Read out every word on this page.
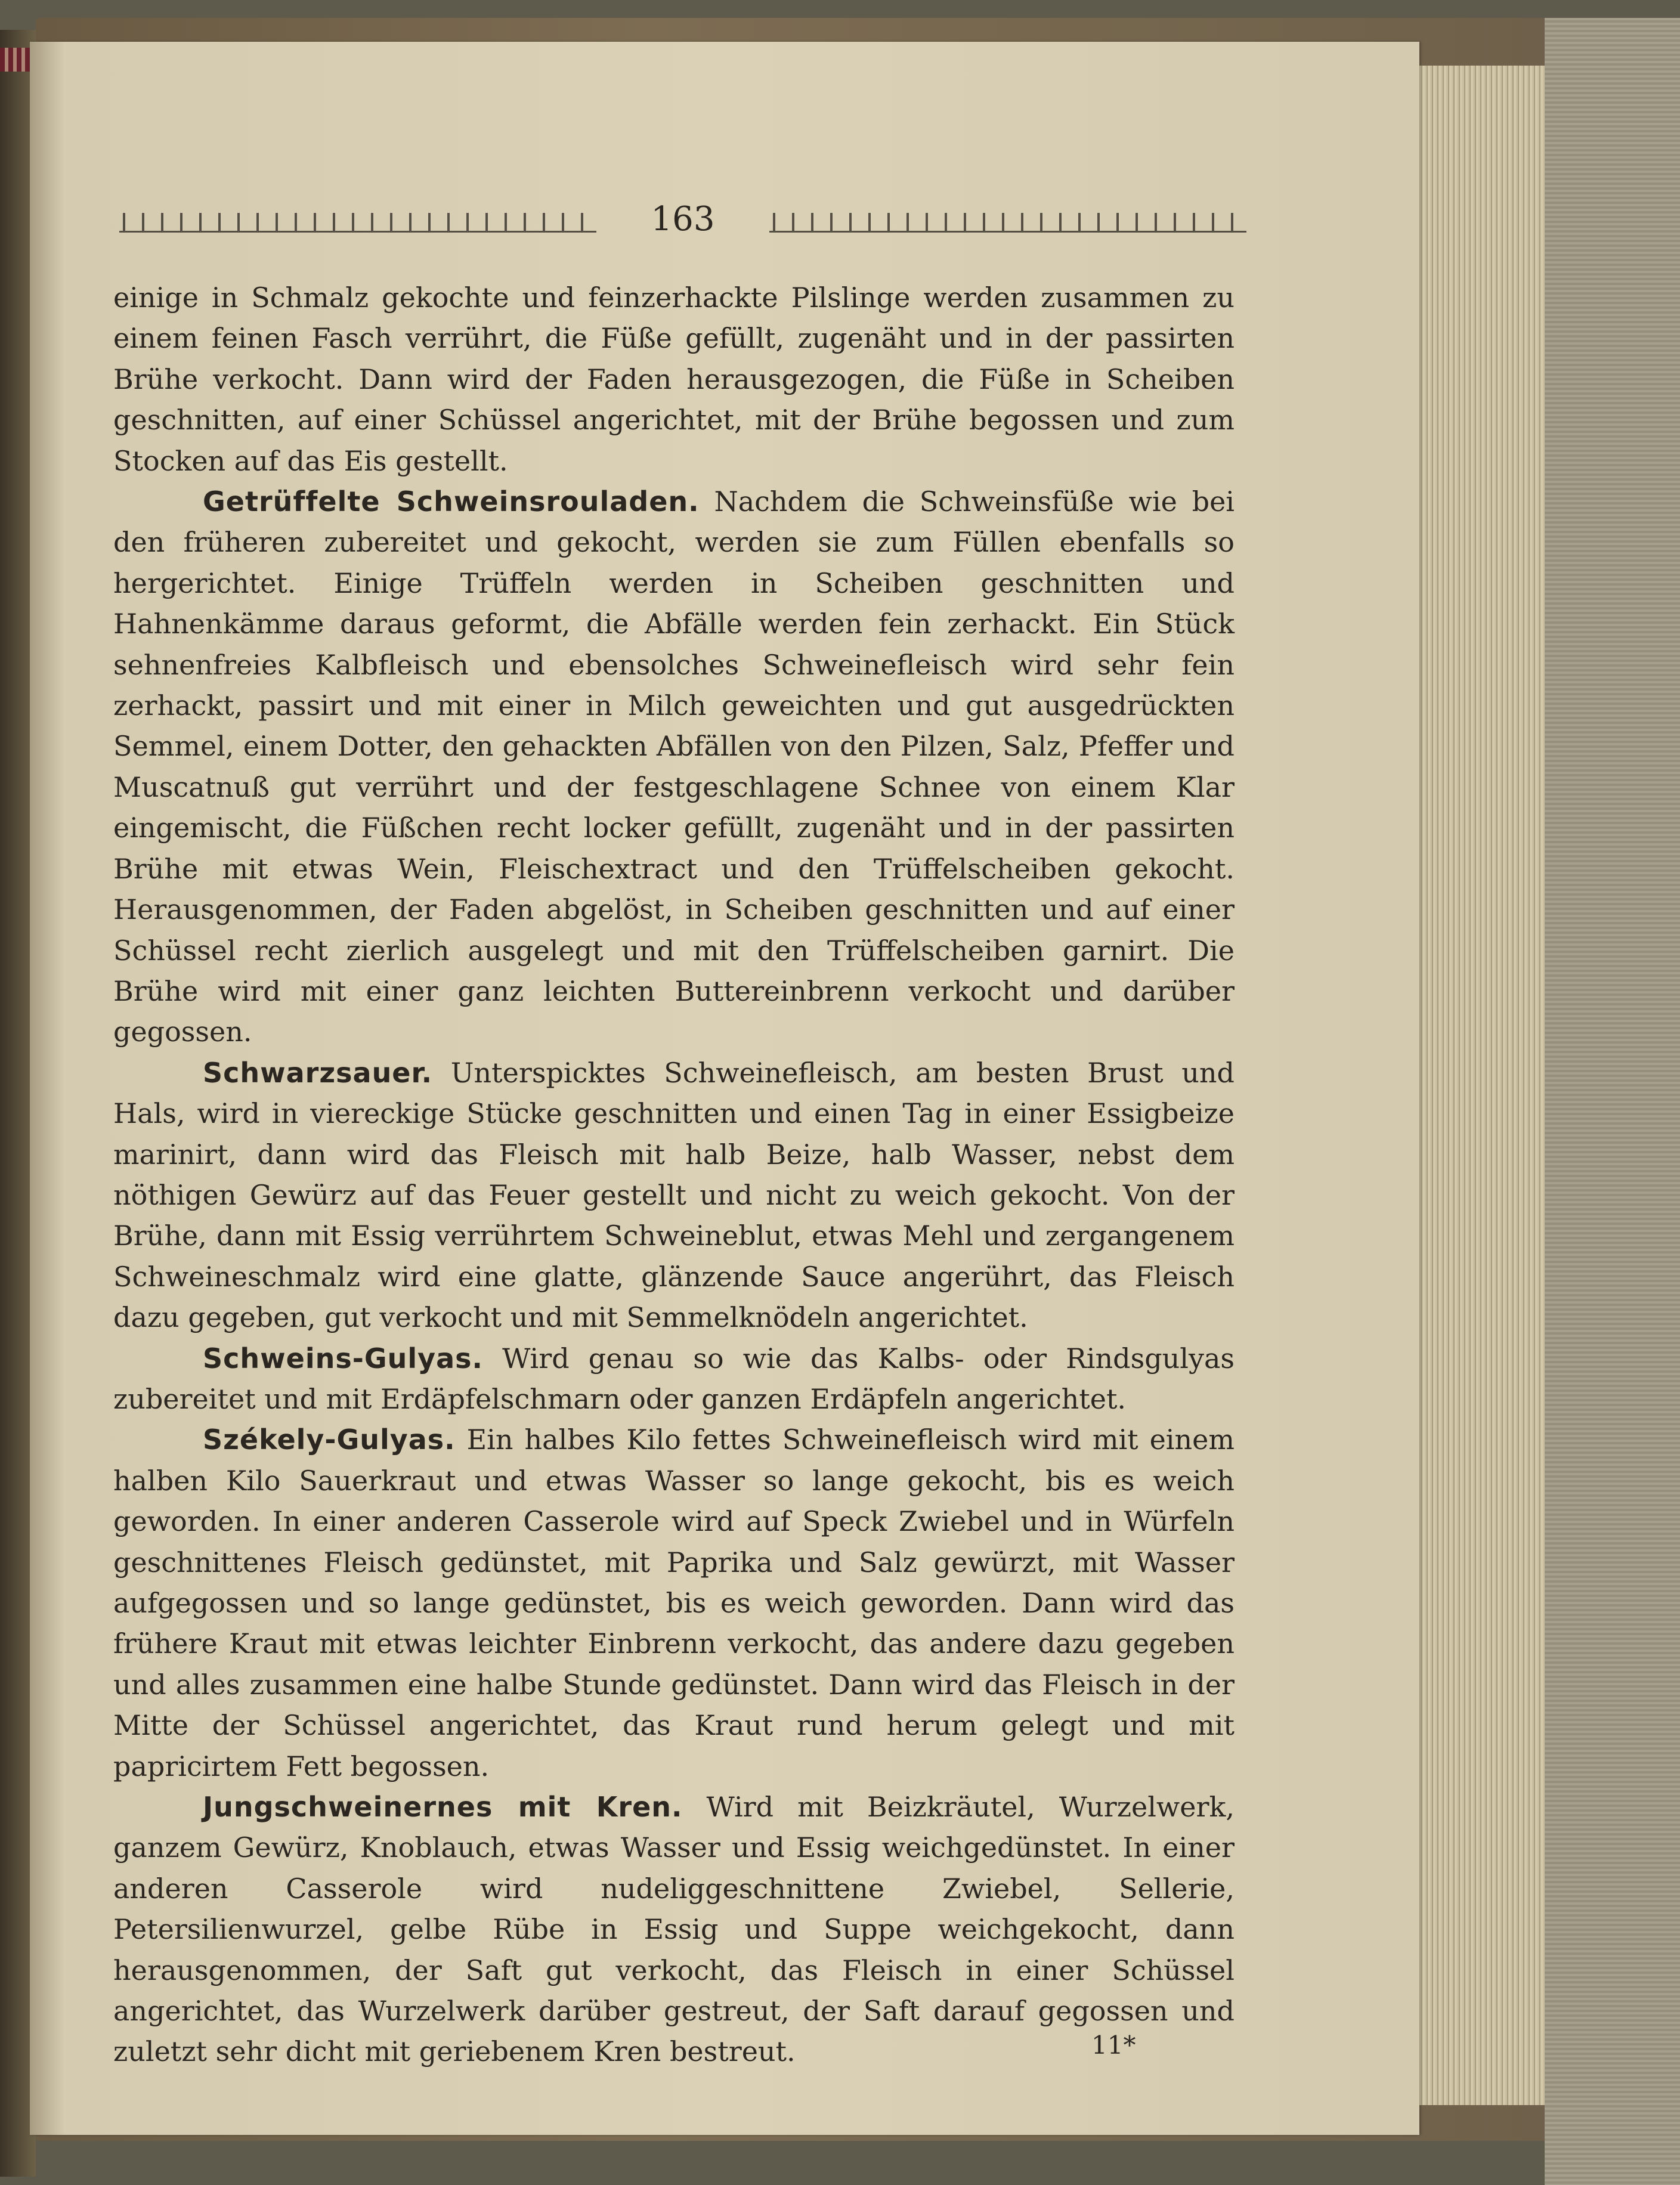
163

einige in Schmalz gekochte und feinzerhackte Pilslinge werden zusammen zu einem feinen Fasch verrührt, die Füße gefüllt, zugenäht und in der passirten Brühe verkocht. Dann wird der Faden herausgezogen, die Füße in Scheiben geschnitten, auf einer Schüssel angerichtet, mit der Brühe begossen und zum Stocken auf das Eis gestellt.

Getrüffelte Schweinsrouladen. Nachdem die Schweinsfüße wie bei den früheren zubereitet und gekocht, werden sie zum Füllen ebenfalls so hergerichtet. Einige Trüffeln werden in Scheiben geschnitten und Hahnenkämme daraus geformt, die Abfälle werden fein zerhackt. Ein Stück sehnenfreies Kalbfleisch und ebensolches Schweinefleisch wird sehr fein zerhackt, passirt und mit einer in Milch geweichten und gut ausgedrückten Semmel, einem Dotter, den gehackten Abfällen von den Pilzen, Salz, Pfeffer und Muscatnuß gut verrührt und der festgeschlagene Schnee von einem Klar eingemischt, die Füßchen recht locker gefüllt, zugenäht und in der passirten Brühe mit etwas Wein, Fleischextract und den Trüffelscheiben gekocht. Herausgenommen, der Faden abgelöst, in Scheiben geschnitten und auf einer Schüssel recht zierlich ausgelegt und mit den Trüffelscheiben garnirt. Die Brühe wird mit einer ganz leichten Buttereinbrenn verkocht und darüber gegossen.

Schwarzsauer. Unterspicktes Schweinefleisch, am besten Brust und Hals, wird in viereckige Stücke geschnitten und einen Tag in einer Essigbeize marinirt, dann wird das Fleisch mit halb Beize, halb Wasser, nebst dem nöthigen Gewürz auf das Feuer gestellt und nicht zu weich gekocht. Von der Brühe, dann mit Essig verrührtem Schweineblut, etwas Mehl und zergangenem Schweineschmalz wird eine glatte, glänzende Sauce angerührt, das Fleisch dazu gegeben, gut verkocht und mit Semmelknödeln angerichtet.

Schweins-Gulyas. Wird genau so wie das Kalbs- oder Rindsgulyas zubereitet und mit Erdäpfelschmarn oder ganzen Erdäpfeln angerichtet.

Székely-Gulyas. Ein halbes Kilo fettes Schweinefleisch wird mit einem halben Kilo Sauerkraut und etwas Wasser so lange gekocht, bis es weich geworden. In einer anderen Casserole wird auf Speck Zwiebel und in Würfeln geschnittenes Fleisch gedünstet, mit Paprika und Salz gewürzt, mit Wasser aufgegossen und so lange gedünstet, bis es weich geworden. Dann wird das frühere Kraut mit etwas leichter Einbrenn verkocht, das andere dazu gegeben und alles zusammen eine halbe Stunde gedünstet. Dann wird das Fleisch in der Mitte der Schüssel angerichtet, das Kraut rund herum gelegt und mit papricirtem Fett begossen.

Jungschweinernes mit Kren. Wird mit Beizkräutel, Wurzelwerk, ganzem Gewürz, Knoblauch, etwas Wasser und Essig weichgedünstet. In einer anderen Casserole wird nudeliggeschnittene Zwiebel, Sellerie, Petersilienwurzel, gelbe Rübe in Essig und Suppe weichgekocht, dann herausgenommen, der Saft gut verkocht, das Fleisch in einer Schüssel angerichtet, das Wurzelwerk darüber gestreut, der Saft darauf gegossen und zuletzt sehr dicht mit geriebenem Kren bestreut.	11*
